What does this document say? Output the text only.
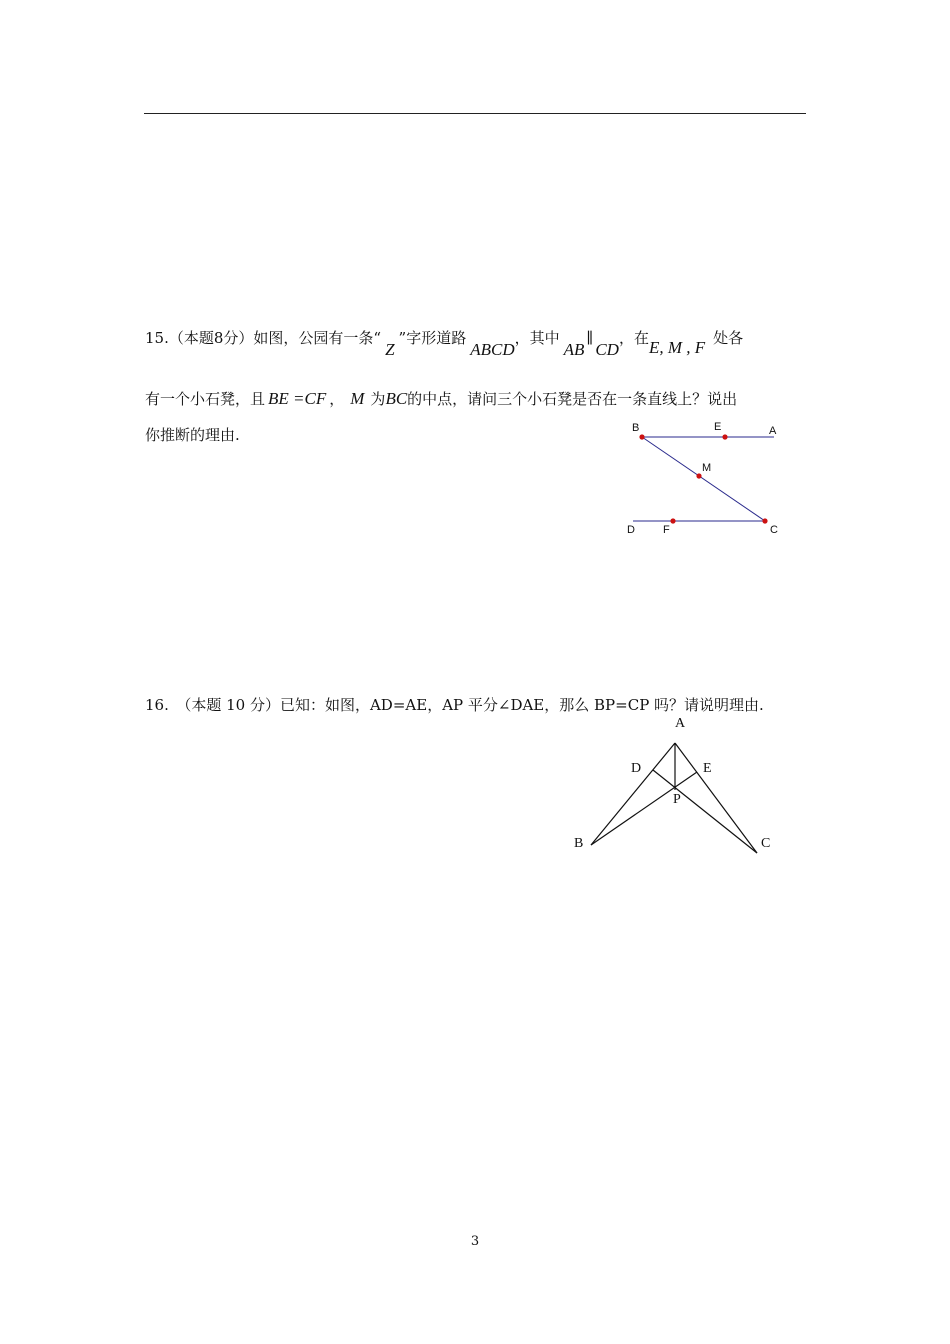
15.（本题8分）如图，公园有一条“Z”字形道路ABCD，其中AB∥CD，在E, M , F 处各
有一个小石凳，且 BE =CF ， M 为BC的中点，请问三个小石凳是否在一条直线上？说出
你推断的理由.	B	E	A
M
D	F	C
16.　（本题 10 分）已知：如图，AD=AE，AP 平分∠DAE，那么 BP=CP 吗？请说明理由.
A
D	E
P
B	C
3
